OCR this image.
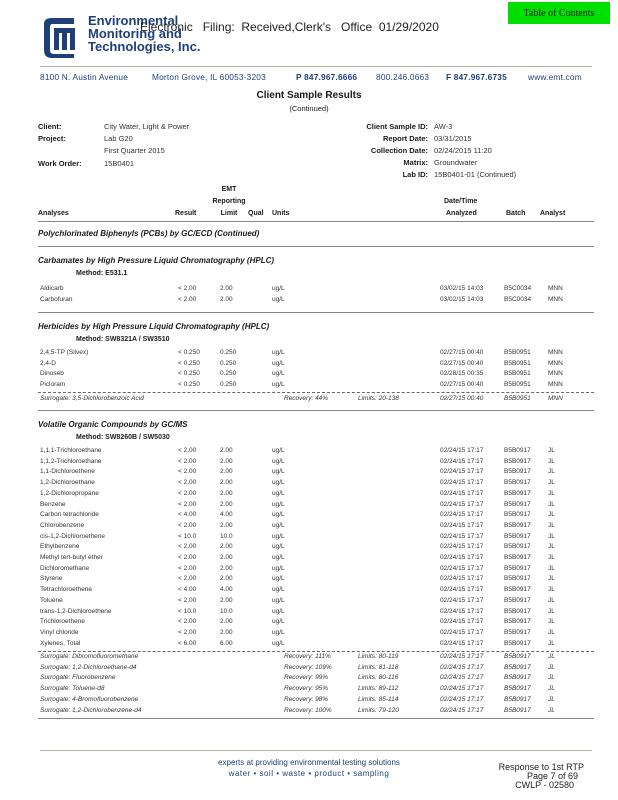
Environmental
Monitoring and
Technologies, Inc.
Electronic   Filing:  Received,Clerk's   Office  01/29/2020
Table of Contents
8100 N. Austin Avenue	Morton Grove, IL 60053-3203	P 847.967.6666 800.246.0663 F 847.967.6735	www.emt.com
Client Sample Results
(Continued)
Client:	City Water, Light & Power
Project:	Lab G20
First Quarter 2015
Work Order:	15B0401
Client Sample ID: AW-3
Report Date: 03/31/2015
Collection Date: 02/24/2015 11:20
Matrix: Groundwater
Lab ID: 15B0401-01 (Continued)
Analyses	Result
EMT
Reporting
Limit	Qual Units
Date/Time
Analyzed	Batch Analyst
Polychlorinated Biphenyls (PCBs) by GC/ECD (Continued)
Carbamates by High Pressure Liquid Chromatography (HPLC)
Method: E531.1
Aldicarb	< 2.00	2.00	ug/L	03/02/15 14:03	B5C0034	MNN
Carbofuran	< 2.00	2.00	ug/L	03/02/15 14:03	B5C0034	MNN
Herbicides by High Pressure Liquid Chromatography (HPLC)
Method: SW8321A / SW3510
2,4,5-TP (Silvex)	< 0.250	0.250	ug/L	02/27/15 00:40	B5B0951	MNN
2,4-D	< 0.250	0.250	ug/L	02/27/15 00:40	B5B0951	MNN
Dinoseb	< 0.250	0.250	ug/L	02/28/15 00:35	B5B0951	MNN
Picloram	< 0.250	0.250	ug/L	02/27/15 00:40	B5B0951	MNN
Surrogate: 3,5-Dichlorobenzoic Acid	Recovery: 44%	Limits: 20-138	02/27/15 00:40	B5B0951	MNN
Volatile Organic Compounds by GC/MS
Method: SW8260B / SW5030
1,1,1-Trichloroethane	< 2.00	2.00	ug/L	02/24/15 17:17	B5B0917	JL
1,1,2-Trichloroethane	< 2.00	2.00	ug/L	02/24/15 17:17	B5B0917	JL
1,1-Dichloroethene	< 2.00	2.00	ug/L	02/24/15 17:17	B5B0917	JL
1,2-Dichloroethane	< 2.00	2.00	ug/L	02/24/15 17:17	B5B0917	JL
1,2-Dichloropropane	< 2.00	2.00	ug/L	02/24/15 17:17	B5B0917	JL
Benzene	< 2.00	2.00	ug/L	02/24/15 17:17	B5B0917	JL
Carbon tetrachloride	< 4.00	4.00	ug/L	02/24/15 17:17	B5B0917	JL
Chlorobenzene	< 2.00	2.00	ug/L	02/24/15 17:17	B5B0917	JL
cis-1,2-Dichloroethene	< 10.0	10.0	ug/L	02/24/15 17:17	B5B0917	JL
Ethylbenzene	< 2.00	2.00	ug/L	02/24/15 17:17	B5B0917	JL
Methyl tert-butyl ether	< 2.00	2.00	ug/L	02/24/15 17:17	B5B0917	JL
Dichloromethane	< 2.00	2.00	ug/L	02/24/15 17:17	B5B0917	JL
Styrene	< 2.00	2.00	ug/L	02/24/15 17:17	B5B0917	JL
Tetrachloroethene	< 4.00	4.00	ug/L	02/24/15 17:17	B5B0917	JL
Toluene	< 2.00	2.00	ug/L	02/24/15 17:17	B5B0917	JL
trans-1,2-Dichloroethene	< 10.0	10.0	ug/L	02/24/15 17:17	B5B0917	JL
Trichloroethene	< 2.00	2.00	ug/L	02/24/15 17:17	B5B0917	JL
Vinyl chloride	< 2.00	2.00	ug/L	02/24/15 17:17	B5B0917	JL
Xylenes, Total	< 6.00	6.00	ug/L	02/24/15 17:17	B5B0917	JL
Surrogate: Dibromofluoromethane	Recovery: 111%	Limits: 80-119	02/24/15 17:17	B5B0917	JL
Surrogate: 1,2-Dichloroethane-d4	Recovery: 109%	Limits: 81-118	02/24/15 17:17	B5B0917	JL
Surrogate: Fluorobenzene	Recovery: 99%	Limits: 80-116	02/24/15 17:17	B5B0917	JL
Surrogate: Toluene-d8	Recovery: 95%	Limits: 89-112	02/24/15 17:17	B5B0917	JL
Surrogate: 4-Bromofluorobenzene	Recovery: 98%	Limits: 85-114	02/24/15 17:17	B5B0917	JL
Surrogate: 1,2-Dichlorobenzene-d4	Recovery: 100%	Limits: 79-120	02/24/15 17:17	B5B0917	JL
experts at providing environmental testing solutions
water • soil • waste • product • sampling
Response to 1st RTP
Page 7 of 69
CWLP - 02580
